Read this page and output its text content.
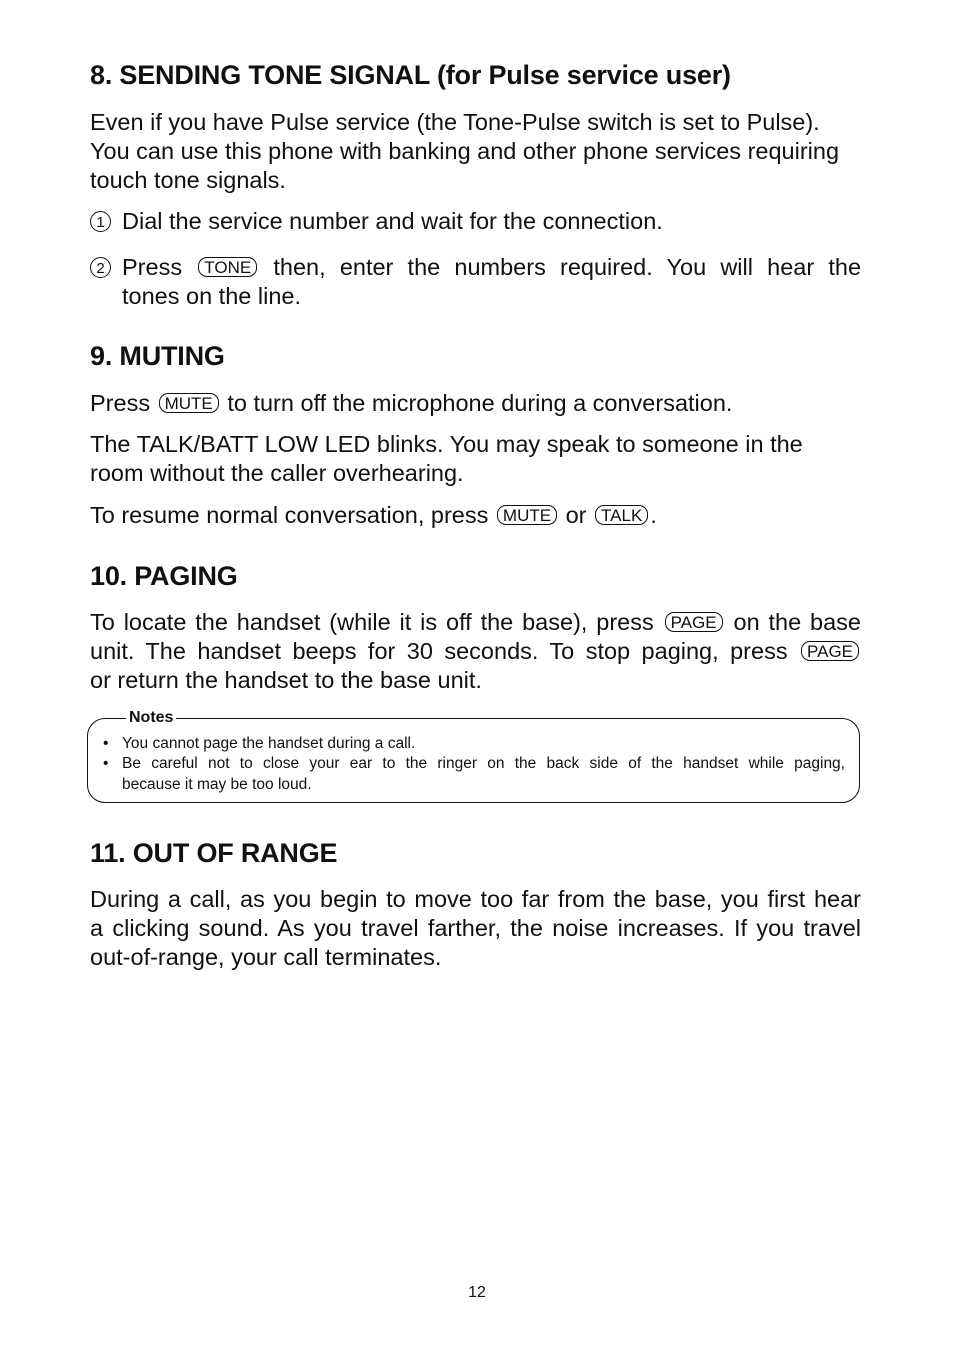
8. SENDING TONE SIGNAL (for Pulse service user)
Even if you have Pulse service (the Tone-Pulse switch is set to Pulse).
You can use this phone with banking and other phone services requiring
touch tone signals.
1 Dial the service number and wait for the connection.
2 Press TONE then, enter the numbers required. You will hear the
tones on the line.
9. MUTING
Press MUTE to turn off the microphone during a conversation.
The TALK/BATT LOW LED blinks. You may speak to someone in the
room without the caller overhearing.
To resume normal conversation, press MUTE or TALK .
10. PAGING
To locate the handset (while it is off the base), press PAGE on the base
unit. The handset beeps for 30 seconds. To stop paging, press PAGE
or return the handset to the base unit.
Notes
• You cannot page the handset during a call.
• Be careful not to close your ear to the ringer on the back side of the handset while paging,
because it may be too loud.
11. OUT OF RANGE
During a call, as you begin to move too far from the base, you first hear
a clicking sound. As you travel farther, the noise increases. If you travel
out-of-range, your call terminates.
12
